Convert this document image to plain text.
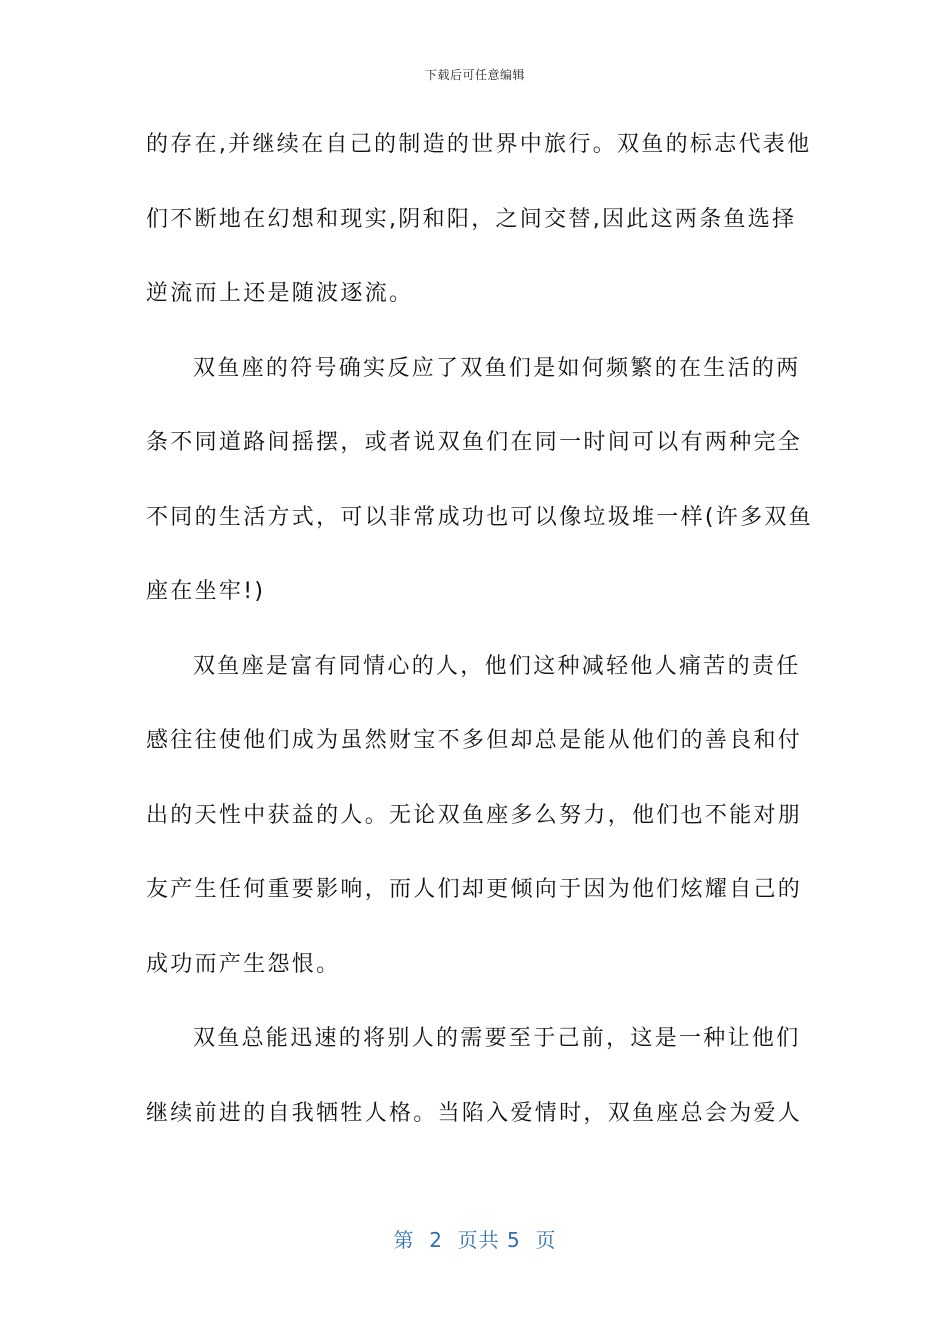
下载后可任意编辑
的存在,并继续在自己的制造的世界中旅行。双鱼的标志代表他
们不断地在幻想和现实,阴和阳，之间交替,因此这两条鱼选择
逆流而上还是随波逐流。
双鱼座的符号确实反应了双鱼们是如何频繁的在生活的两
条不同道路间摇摆，或者说双鱼们在同一时间可以有两种完全
不同的生活方式，可以非常成功也可以像垃圾堆一样(许多双鱼
座在坐牢!)
双鱼座是富有同情心的人，他们这种减轻他人痛苦的责任
感往往使他们成为虽然财宝不多但却总是能从他们的善良和付
出的天性中获益的人。无论双鱼座多么努力，他们也不能对朋
友产生任何重要影响，而人们却更倾向于因为他们炫耀自己的
成功而产生怨恨。
双鱼总能迅速的将别人的需要至于己前，这是一种让他们
继续前进的自我牺牲人格。当陷入爱情时，双鱼座总会为爱人
第  2  页共 5  页
